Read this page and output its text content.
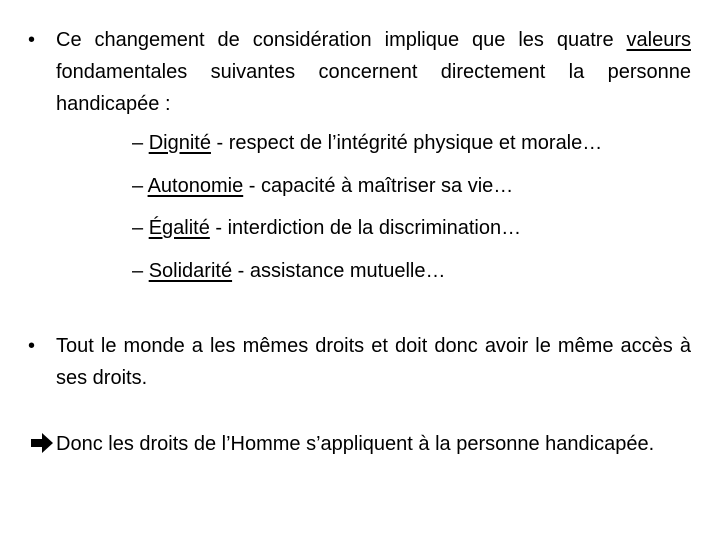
• Ce changement de considération implique que les quatre valeurs fondamentales suivantes concernent directement la personne handicapée :
– Dignité - respect de l’intégrité physique et morale…
– Autonomie - capacité à maîtriser sa vie…
– Égalité - interdiction de la discrimination…
– Solidarité - assistance mutuelle…
• Tout le monde a les mêmes droits et doit donc avoir le même accès à ses droits.
Donc les droits de l’Homme s’appliquent à la personne handicapée.
